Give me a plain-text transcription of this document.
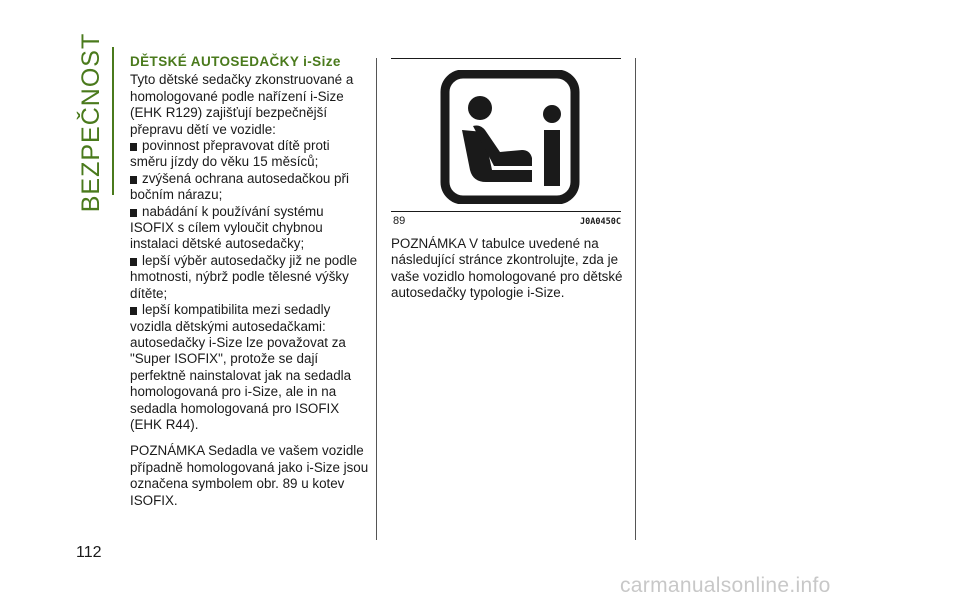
BEZPEČNOST
112
DĚTSKÉ AUTOSEDAČKY i-Size

Tyto dětské sedačky zkonstruované a homologované podle nařízení i-Size (EHK R129) zajišťují bezpečnější přepravu dětí ve vozidle:

povinnost přepravovat dítě proti směru jízdy do věku 15 měsíců;
zvýšená ochrana autosedačkou při bočním nárazu;
nabádání k používání systému ISOFIX s cílem vyloučit chybnou instalaci dětské autosedačky;
lepší výběr autosedačky již ne podle hmotnosti, nýbrž podle tělesné výšky dítěte;
lepší kompatibilita mezi sedadly vozidla dětskými autosedačkami: autosedačky i-Size lze považovat za "Super ISOFIX", protože se dají perfektně nainstalovat jak na sedadla homologovaná pro i-Size, ale in na sedadla homologovaná pro ISOFIX (EHK R44).

POZNÁMKA Sedadla ve vašem vozidle případně homologovaná jako i-Size jsou označena symbolem obr. 89 u kotev ISOFIX.

89	J0A0450C

POZNÁMKA V tabulce uvedené na následující stránce zkontrolujte, zda je vaše vozidlo homologované pro dětské autosedačky typologie i-Size.

carmanualsonline.info
